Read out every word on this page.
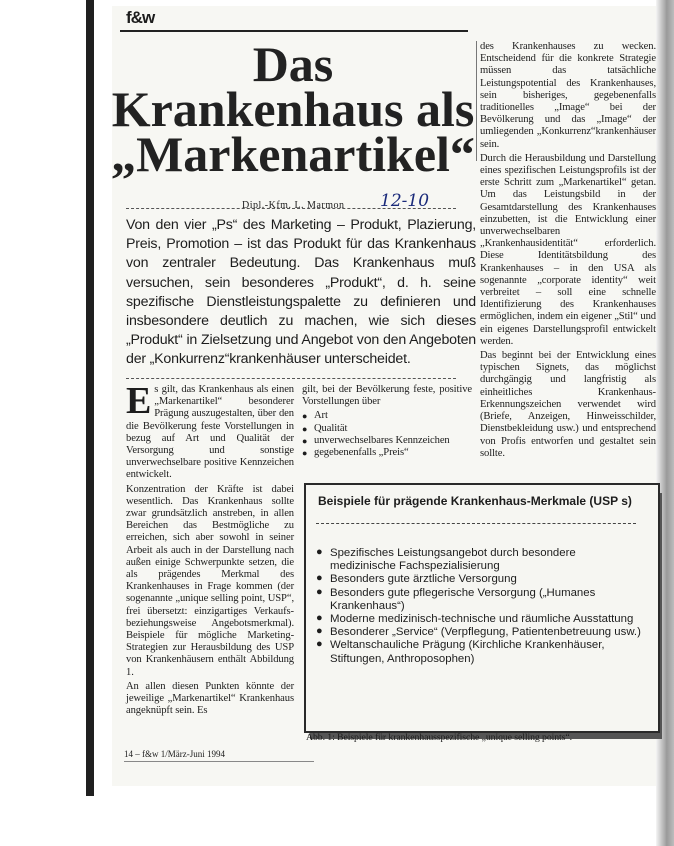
f&w
Das
Krankenhaus als
„Markenartikel“
Dipl.-Kfm. L. Marmon 12-10
Von den vier „Ps“ des Marketing – Produkt, Plazierung, Preis, Promotion – ist das Produkt für das Krankenhaus von zentraler Bedeutung. Das Krankenhaus muß versuchen, sein besonderes „Produkt“, d. h. seine spezifische Dienstleistungspalette zu definieren und insbesondere deutlich zu machen, wie sich dieses „Produkt“ in Zielsetzung und Angebot von den Angeboten der „Konkurrenz“krankenhäuser unterscheidet.

Es gilt, das Krankenhaus als einen „Markenartikel“ besonderer Prägung auszugestalten, über den die Bevölkerung feste Vorstellungen in bezug auf Art und Qualität der Versorgung und sonstige unverwechselbare positive Kennzeichen entwickelt.

Konzentration der Kräfte ist dabei wesentlich. Das Krankenhaus sollte zwar grundsätzlich anstreben, in allen Bereichen das Bestmögliche zu erreichen, sich aber sowohl in seiner Arbeit als auch in der Darstellung nach außen einige Schwerpunkte setzen, die als prägendes Merkmal des Krankenhauses in Frage kommen (der sogenannte „unique selling point, USP“, frei übersetzt: einzigartiges Verkaufs- beziehungsweise Angebotsmerkmal). Beispiele für mögliche Marketing-Strategien zur Herausbildung des USP von Krankenhäusern enthält Abbildung 1.

An allen diesen Punkten könnte der jeweilige „Markenartikel“ Krankenhaus angeknüpft sein. Es

gilt, bei der Bevölkerung feste, positive Vorstellungen über

● Art
● Qualität
● unverwechselbares Kennzeichen
● gegebenenfalls „Preis“

des Krankenhauses zu wecken. Entscheidend für die konkrete Strategie müssen das tatsächliche Leistungspotential des Krankenhauses, sein bisheriges, gegebenenfalls traditionelles „Image“ bei der Bevölkerung und das „Image“ der umliegenden „Konkurrenz“krankenhäuser sein.

Durch die Herausbildung und Darstellung eines spezifischen Leistungsprofils ist der erste Schritt zum „Markenartikel“ getan. Um das Leistungsbild in der Gesamtdarstellung des Krankenhauses einzubetten, ist die Entwicklung einer unverwechselbaren „Krankenhausidentität“ erforderlich. Diese Identitätsbildung des Krankenhauses – in den USA als sogenannte „corporate identity“ weit verbreitet – soll eine schnelle Identifizierung des Krankenhauses ermöglichen, indem ein eigener „Stil“ und ein eigenes Darstellungsprofil entwickelt werden.

Das beginnt bei der Entwicklung eines typischen Signets, das möglichst durchgängig und langfristig als einheitliches Krankenhaus-Erkennungszeichen verwendet wird (Briefe, Anzeigen, Hinweisschilder, Dienstbekleidung usw.) und entsprechend von Profis entworfen und gestaltet sein sollte.

Beispiele für prägende Krankenhaus-Merkmale (USP s)
● Spezifisches Leistungsangebot durch besondere medizinische Fachspezialisierung
● Besonders gute ärztliche Versorgung
● Besonders gute pflegerische Versorgung („Humanes Krankenhaus“)
● Moderne medizinisch-technische und räumliche Ausstattung
● Besonderer „Service“ (Verpflegung, Patientenbetreuung usw.)
● Weltanschauliche Prägung (Kirchliche Krankenhäuser, Stiftungen, Anthroposophen)
Abb. 1: Beispiele für krankenhausspezifische „unique selling points“.
14 – f&w 1/März-Juni 1994
